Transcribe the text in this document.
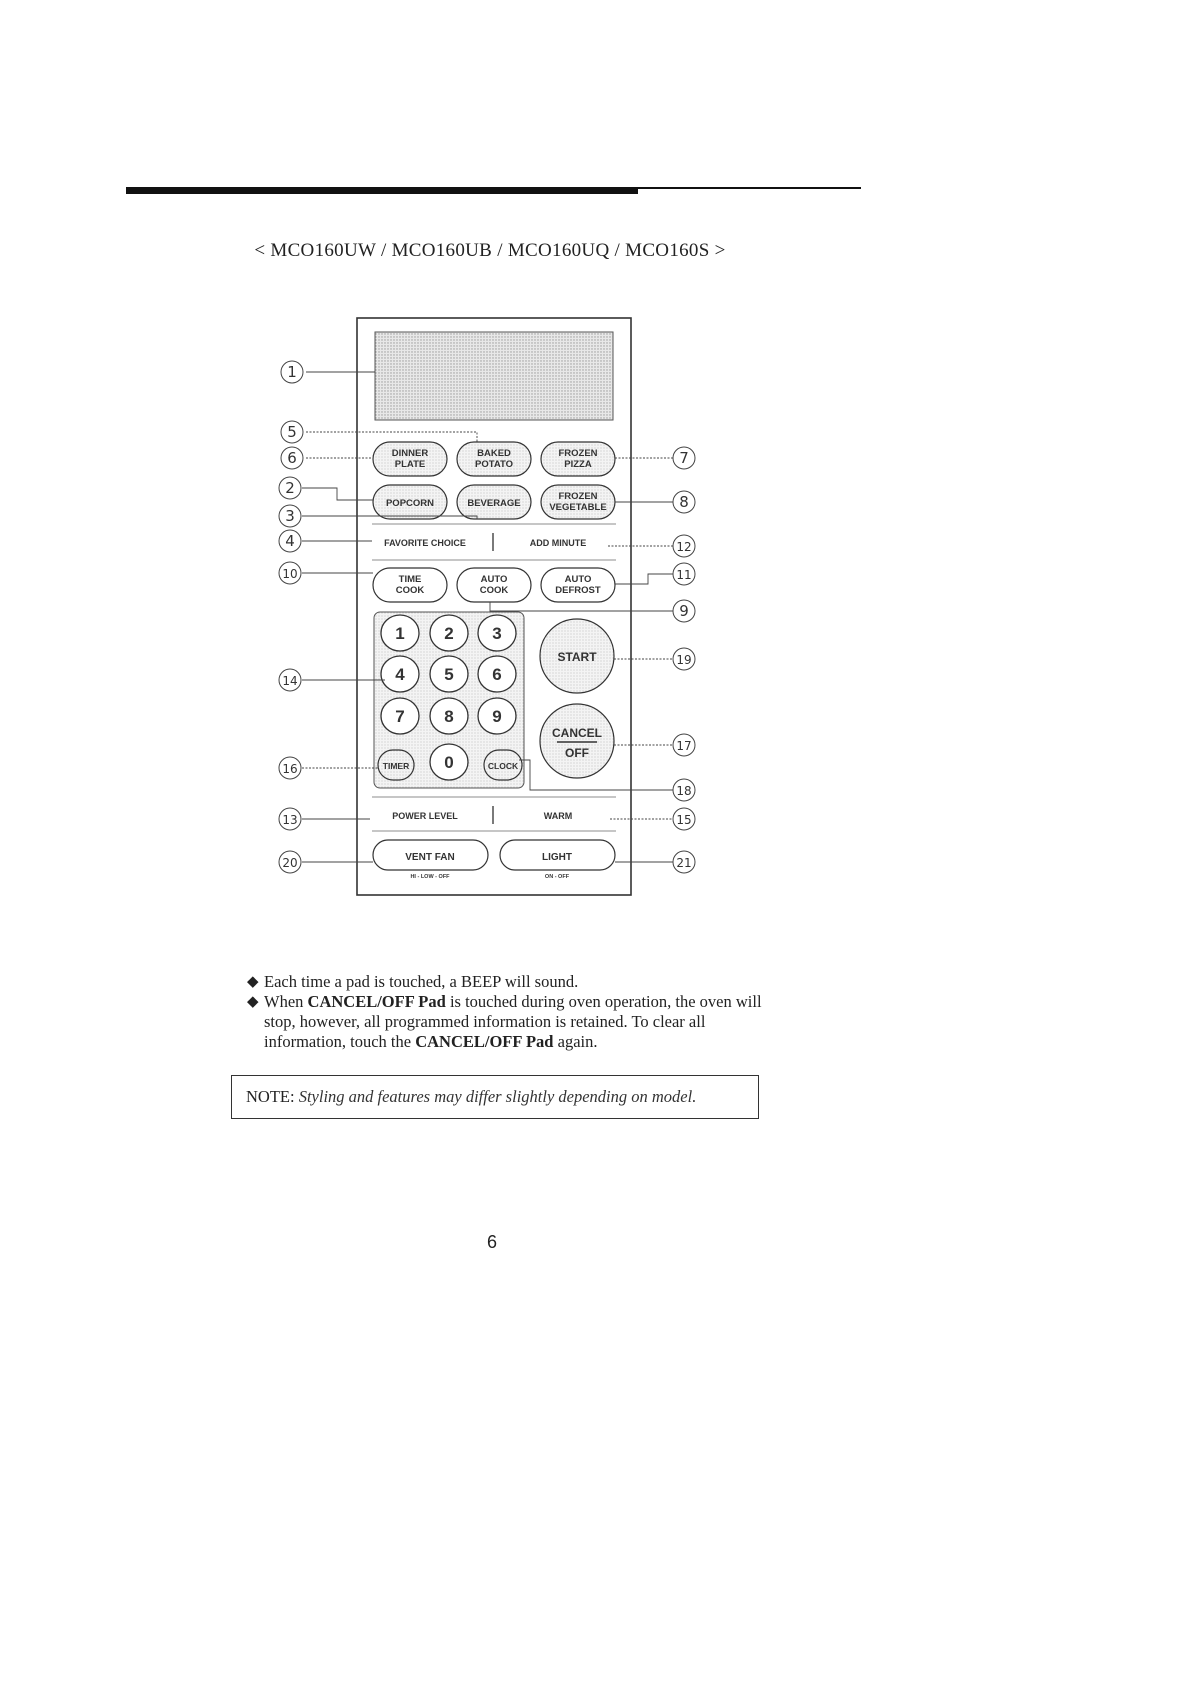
< MCO160UW / MCO160UB / MCO160UQ / MCO160S >
DINNER
PLATE
BAKED
POTATO
FROZEN
PIZZA
POPCORN	BEVERAGE
FROZEN
VEGETABLE
FAVORITE CHOICE	ADD MINUTE
TIME
COOK
AUTO
COOK
AUTO
DEFROST
1 2 3
4 5 6
7 8 9
0
TIMER	CLOCK
START
CANCEL
OFF
POWER LEVEL	WARM
VENT FAN
HI - LOW - OFF
LIGHT
ON - OFF
1
2
3
4
5
6	7
8
9
10	11
12
13
14
15
16
17
18
19
20	21

◆ Each time a pad is touched, a BEEP will sound.

◆ When CANCEL/OFF Pad is touched during oven operation, the oven will stop, however, all programmed information is retained. To clear all information, touch the CANCEL/OFF Pad again.

NOTE: Styling and features may differ slightly depending on model.
6
